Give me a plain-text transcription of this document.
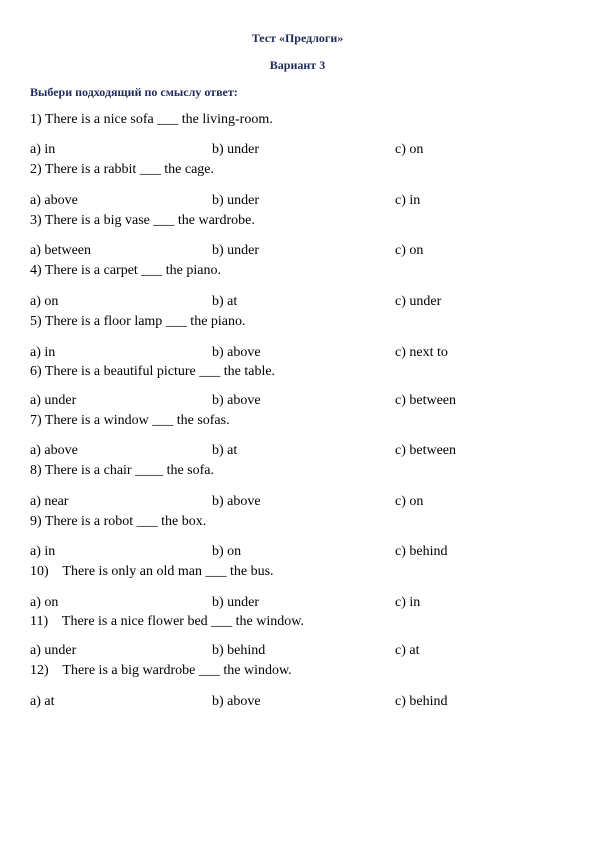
Тест «Предлоги»
Вариант 3
Выбери подходящий по смыслу ответ:
1) There is a nice sofa ___ the living-room.
a) in	b) under	c) on
2) There is a rabbit ___ the cage.
a) above	b) under	c) in
3) There is a big vase ___ the wardrobe.
a) between	b) under	c) on
4) There is a carpet ___ the piano.
a) on	b) at	c) under
5) There is a floor lamp ___ the piano.
a) in	b) above	c) next to
6) There is a beautiful picture ___ the table.
a) under	b) above	c) between
7) There is a window ___ the sofas.
a) above	b) at	c) between
8) There is a chair ____ the sofa.
a) near	b) above	c) on
9) There is a robot ___ the box.
a) in	b) on	c) behind
10)    There is only an old man ___ the bus.
a) on	b) under	c) in
11)    There is a nice flower bed ___ the window.
a) under	b) behind	c) at
12)    There is a big wardrobe ___ the window.
a) at	b) above	c) behind
